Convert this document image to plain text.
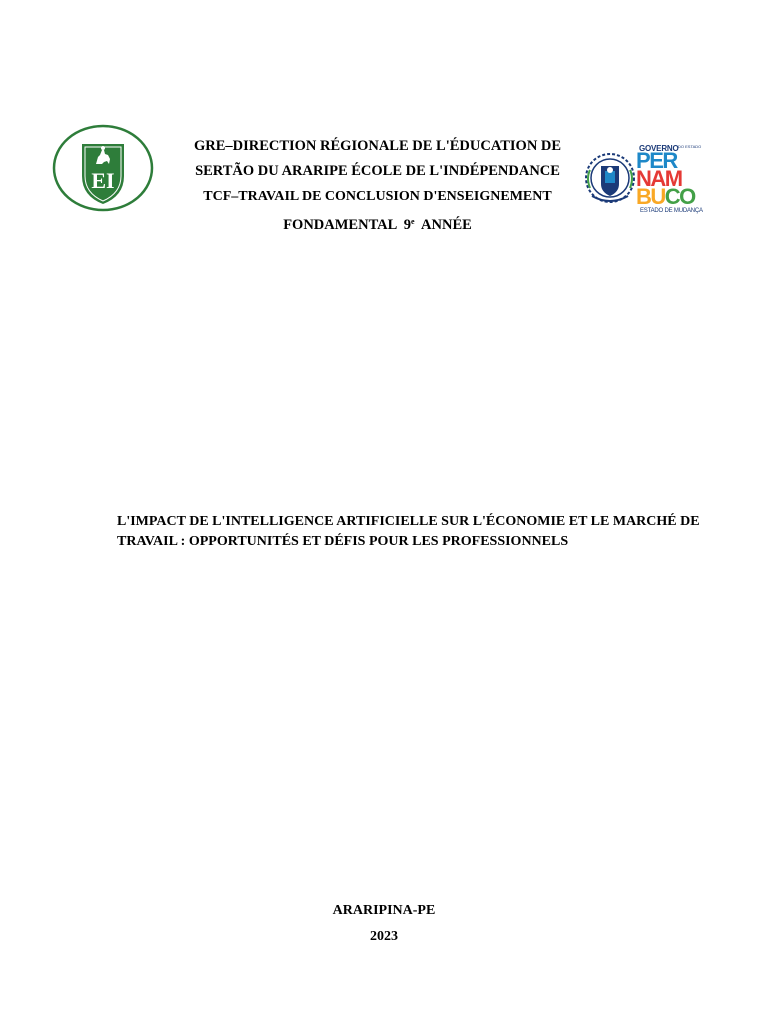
EI
GOVERNO DO ESTADO
PER
NAM
BUCO
ESTADO DE MUDANÇA
GRE–DIRECTION RÉGIONALE DE L'ÉDUCATION DE
SERTÃO DU ARARIPE ÉCOLE DE L'INDÉPENDANCE
TCF–TRAVAIL DE CONCLUSION D'ENSEIGNEMENT
FONDAMENTAL  9e  ANNÉE
L'IMPACT DE L'INTELLIGENCE ARTIFICIELLE SUR L'ÉCONOMIE ET LE MARCHÉ DE
TRAVAIL : OPPORTUNITÉS ET DÉFIS POUR LES PROFESSIONNELS
ARARIPINA-PE
2023
